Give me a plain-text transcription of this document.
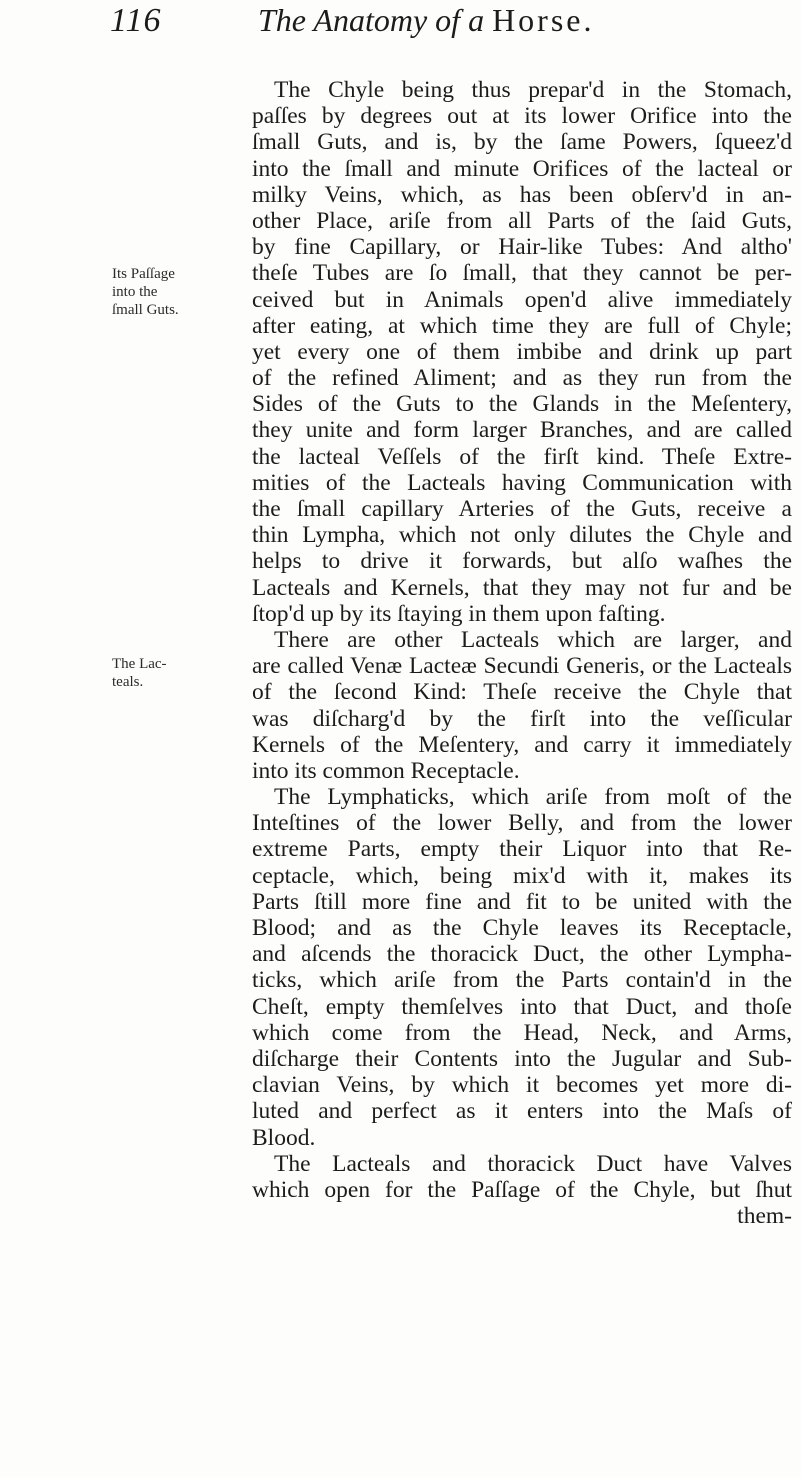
116	The Anatomy of a Horse.
Its Paſſage
into the
ſmall Guts.
The Lac-
teals.
The Chyle being thus prepar'd in the Stomach,
paſſes by degrees out at its lower Orifice into the
ſmall Guts, and is, by the ſame Powers, ſqueez'd
into the ſmall and minute Orifices of the lacteal or
milky Veins, which, as has been obſerv'd in an-
other Place, ariſe from all Parts of the ſaid Guts,
by fine Capillary, or Hair-like Tubes: And altho'
theſe Tubes are ſo ſmall, that they cannot be per-
ceived but in Animals open'd alive immediately
after eating, at which time they are full of Chyle;
yet every one of them imbibe and drink up part
of the refined Aliment; and as they run from the
Sides of the Guts to the Glands in the Meſentery,
they unite and form larger Branches, and are called
the lacteal Veſſels of the firſt kind. Theſe Extre-
mities of the Lacteals having Communication with
the ſmall capillary Arteries of the Guts, receive a
thin Lympha, which not only dilutes the Chyle and
helps to drive it forwards, but alſo waſhes the
Lacteals and Kernels, that they may not fur and be
ſtop'd up by its ſtaying in them upon faſting.
There are other Lacteals which are larger, and
are called Venæ Lacteæ Secundi Generis, or the Lacteals
of the ſecond Kind: Theſe receive the Chyle that
was diſcharg'd by the firſt into the veſſicular
Kernels of the Meſentery, and carry it immediately
into its common Receptacle.
The Lymphaticks, which ariſe from moſt of the
Inteſtines of the lower Belly, and from the lower
extreme Parts, empty their Liquor into that Re-
ceptacle, which, being mix'd with it, makes its
Parts ſtill more fine and fit to be united with the
Blood; and as the Chyle leaves its Receptacle,
and aſcends the thoracick Duct, the other Lympha-
ticks, which ariſe from the Parts contain'd in the
Cheſt, empty themſelves into that Duct, and thoſe
which come from the Head, Neck, and Arms,
diſcharge their Contents into the Jugular and Sub-
clavian Veins, by which it becomes yet more di-
luted and perfect as it enters into the Maſs of
Blood.
The Lacteals and thoracick Duct have Valves
which open for the Paſſage of the Chyle, but ſhut
them-
